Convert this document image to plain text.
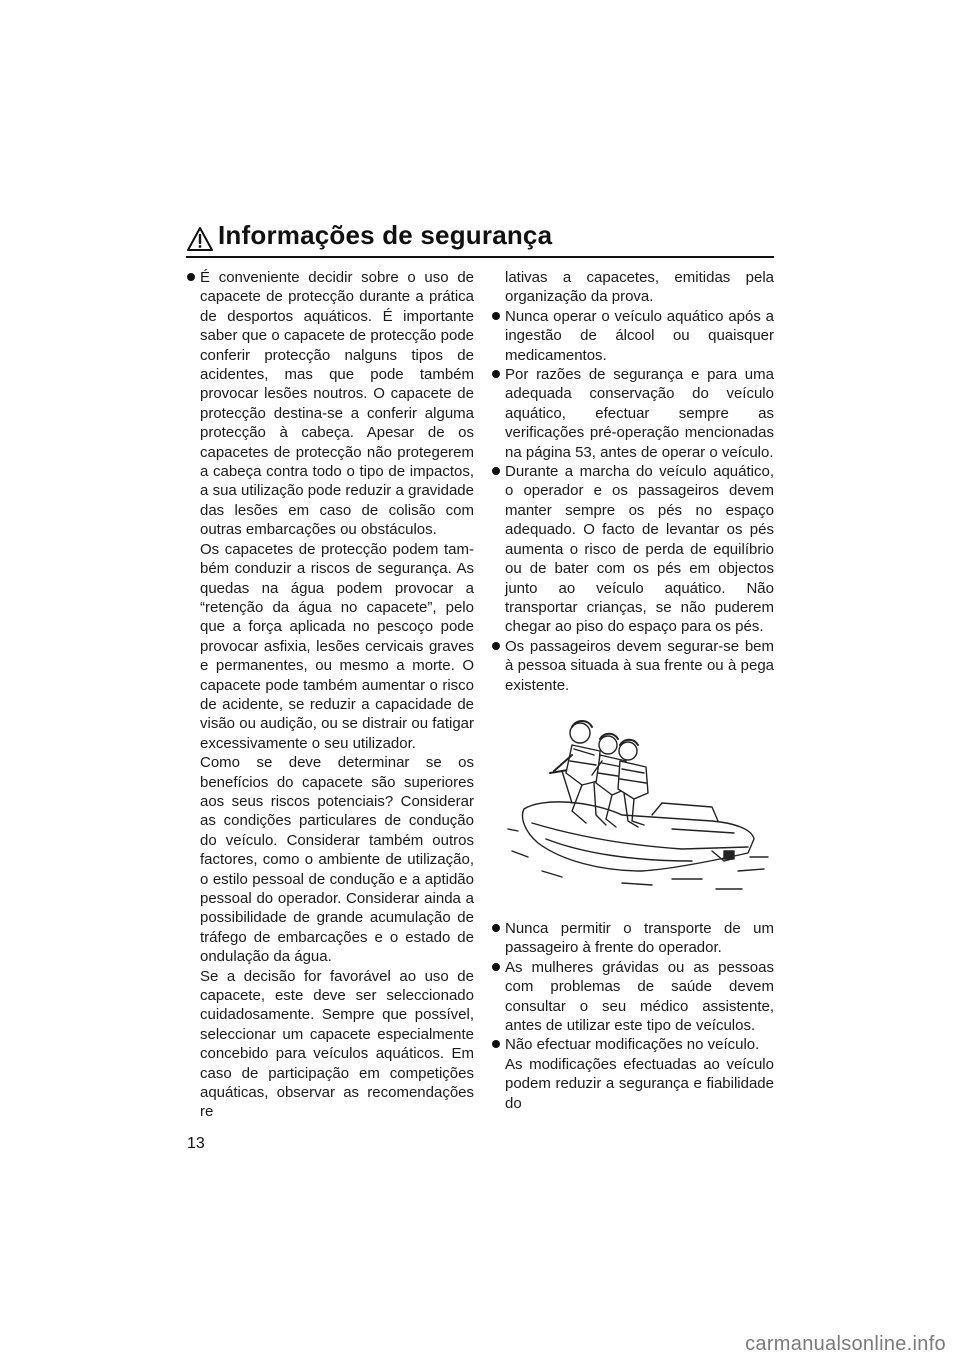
Informações de segurança

É conveniente decidir sobre o uso de capacete de protecção durante a prática de desportos aquáticos. É importante saber que o capacete de protecção pode conferir protecção nalguns tipos de acidentes, mas que pode também provocar lesões noutros. O capacete de protecção destina-se a conferir alguma protecção à cabeça. Apesar de os capacetes de protecção não protegerem a cabeça contra todo o tipo de impactos, a sua utilização pode reduzir a gravidade das lesões em caso de colisão com outras embarcações ou obstáculos.

Os capacetes de protecção podem também conduzir a riscos de segurança. As quedas na água podem provocar a “retenção da água no capacete”, pelo que a força aplicada no pescoço pode provocar asfixia, lesões cervicais graves e permanentes, ou mesmo a morte. O capacete pode também aumentar o risco de acidente, se reduzir a capacidade de visão ou audição, ou se distrair ou fatigar excessivamente o seu utilizador.

Como se deve determinar se os benefícios do capacete são superiores aos seus riscos potenciais? Considerar as condições particulares de condução do veículo. Considerar também outros factores, como o ambiente de utilização, o estilo pessoal de condução e a aptidão pessoal do operador. Considerar ainda a possibilidade de grande acumulação de tráfego de embarcações e o estado de ondulação da água.

Se a decisão for favorável ao uso de capacete, este deve ser seleccionado cuidadosamente. Sempre que possível, seleccionar um capacete especialmente concebido para veículos aquáticos. Em caso de participação em competições aquáticas, observar as recomendações re

lativas a capacetes, emitidas pela organização da prova.

Nunca operar o veículo aquático após a ingestão de álcool ou quaisquer medicamentos.

Por razões de segurança e para uma adequada conservação do veículo aquático, efectuar sempre as verificações pré-operação mencionadas na página 53, antes de operar o veículo.

Durante a marcha do veículo aquático, o operador e os passageiros devem manter sempre os pés no espaço adequado. O facto de levantar os pés aumenta o risco de perda de equilíbrio ou de bater com os pés em objectos junto ao veículo aquático. Não transportar crianças, se não puderem chegar ao piso do espaço para os pés.

Os passageiros devem segurar-se bem à pessoa situada à sua frente ou à pega existente.

Nunca permitir o transporte de um passageiro à frente do operador.

As mulheres grávidas ou as pessoas com problemas de saúde devem consultar o seu médico assistente, antes de utilizar este tipo de veículos.

Não efectuar modificações no veículo.

As modificações efectuadas ao veículo podem reduzir a segurança e fiabilidade do

13
carmanualsonline.info
